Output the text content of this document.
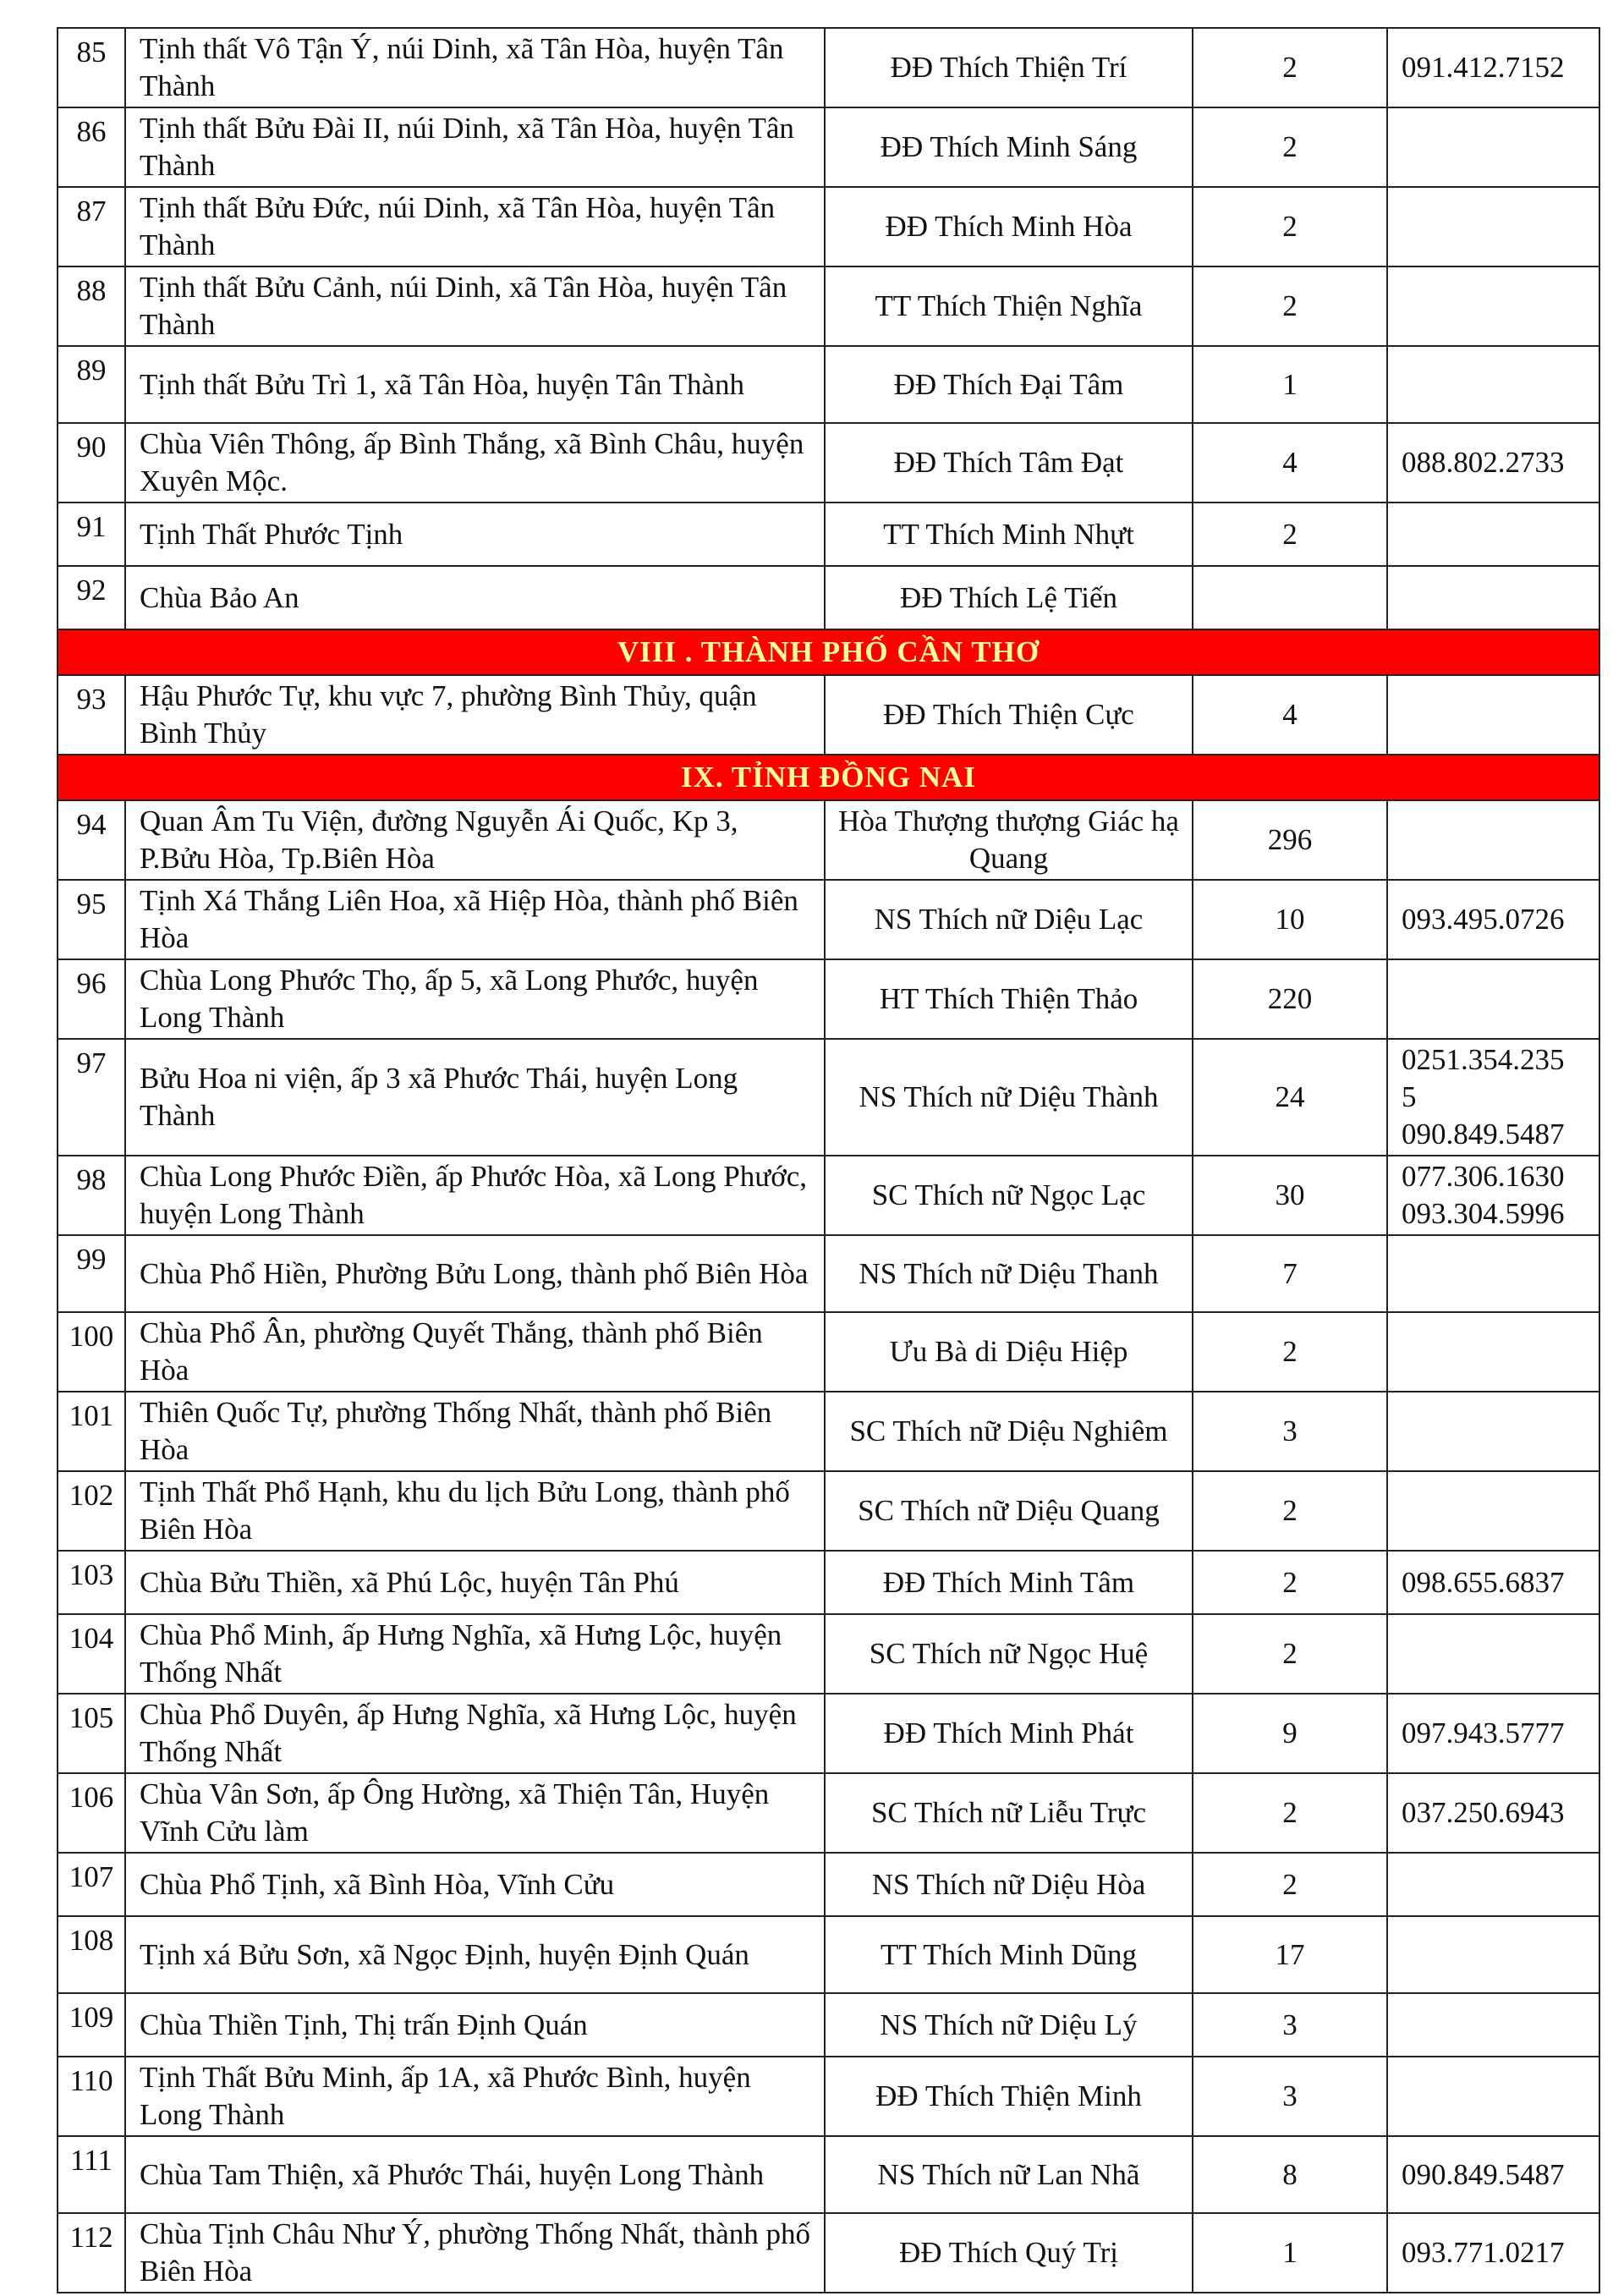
85	Tịnh thất Vô Tận Ý, núi Dinh, xã Tân Hòa, huyện Tân Thành	ĐĐ Thích Thiện Trí	2	091.412.7152
86	Tịnh thất Bửu Đài II, núi Dinh, xã Tân Hòa, huyện Tân Thành	ĐĐ Thích Minh Sáng	2	
87	Tịnh thất Bửu Đức, núi Dinh, xã Tân Hòa, huyện Tân Thành	ĐĐ Thích Minh Hòa	2	
88	Tịnh thất Bửu Cảnh, núi Dinh, xã Tân Hòa, huyện Tân Thành	TT Thích Thiện Nghĩa	2	
89	Tịnh thất Bửu Trì 1, xã Tân Hòa, huyện Tân Thành	ĐĐ Thích Đại Tâm	1	
90	Chùa Viên Thông, ấp Bình Thắng, xã Bình Châu, huyện Xuyên Mộc.	ĐĐ Thích Tâm Đạt	4	088.802.2733
91	Tịnh Thất Phước Tịnh	TT Thích Minh Nhựt	2	
92	Chùa Bảo An	ĐĐ Thích Lệ Tiến		
VIII . THÀNH PHỐ CẦN THƠ				
93	Hậu Phước Tự, khu vực 7, phường Bình Thủy, quận Bình Thủy	ĐĐ Thích Thiện Cực	4	
IX. TỈNH ĐỒNG NAI				
94	Quan Âm Tu Viện, đường Nguyễn Ái Quốc, Kp 3, P.Bửu Hòa, Tp.Biên Hòa	Hòa Thượng thượng Giác hạ Quang	296	
95	Tịnh Xá Thắng Liên Hoa, xã Hiệp Hòa, thành phố Biên Hòa	NS Thích nữ Diệu Lạc	10	093.495.0726
96	Chùa Long Phước Thọ, ấp 5, xã Long Phước, huyện Long Thành	HT Thích Thiện Thảo	220	
97	Bửu Hoa ni viện, ấp 3 xã Phước Thái, huyện Long Thành	NS Thích nữ Diệu Thành	24	0251.354.235
5
090.849.5487
98	Chùa Long Phước Điền, ấp Phước Hòa, xã Long Phước, huyện Long Thành	SC Thích nữ Ngọc Lạc	30	077.306.1630
093.304.5996
99	Chùa Phổ Hiền, Phường Bửu Long, thành phố Biên Hòa	NS Thích nữ Diệu Thanh	7	
100	Chùa Phổ Ân, phường Quyết Thắng, thành phố Biên Hòa	Ưu Bà di Diệu Hiệp	2	
101	Thiên Quốc Tự, phường Thống Nhất, thành phố Biên Hòa	SC Thích nữ Diệu Nghiêm	3	
102	Tịnh Thất Phổ Hạnh, khu du lịch Bửu Long, thành phố Biên Hòa	SC Thích nữ Diệu Quang	2	
103	Chùa Bửu Thiền, xã Phú Lộc, huyện Tân Phú	ĐĐ Thích Minh Tâm	2	098.655.6837
104	Chùa Phổ Minh, ấp Hưng Nghĩa, xã Hưng Lộc, huyện Thống Nhất	SC Thích nữ Ngọc Huệ	2	
105	Chùa Phổ Duyên, ấp Hưng Nghĩa, xã Hưng Lộc, huyện Thống Nhất	ĐĐ Thích Minh Phát	9	097.943.5777
106	Chùa Vân Sơn, ấp Ông Hường, xã Thiện Tân, Huyện Vĩnh Cửu làm	SC Thích nữ Liễu Trực	2	037.250.6943
107	Chùa Phổ Tịnh, xã Bình Hòa, Vĩnh Cửu	NS Thích nữ Diệu Hòa	2	
108	Tịnh xá Bửu Sơn, xã Ngọc Định, huyện Định Quán	TT Thích Minh Dũng	17	
109	Chùa Thiền Tịnh, Thị trấn Định Quán	NS Thích nữ Diệu Lý	3	
110	Tịnh Thất Bửu Minh, ấp 1A, xã Phước Bình, huyện Long Thành	ĐĐ Thích Thiện Minh	3	
111	Chùa Tam Thiện, xã Phước Thái, huyện Long Thành	NS Thích nữ Lan Nhã	8	090.849.5487
112	Chùa Tịnh Châu Như Ý, phường Thống Nhất, thành phố Biên Hòa	ĐĐ Thích Quý Trị	1	093.771.0217
